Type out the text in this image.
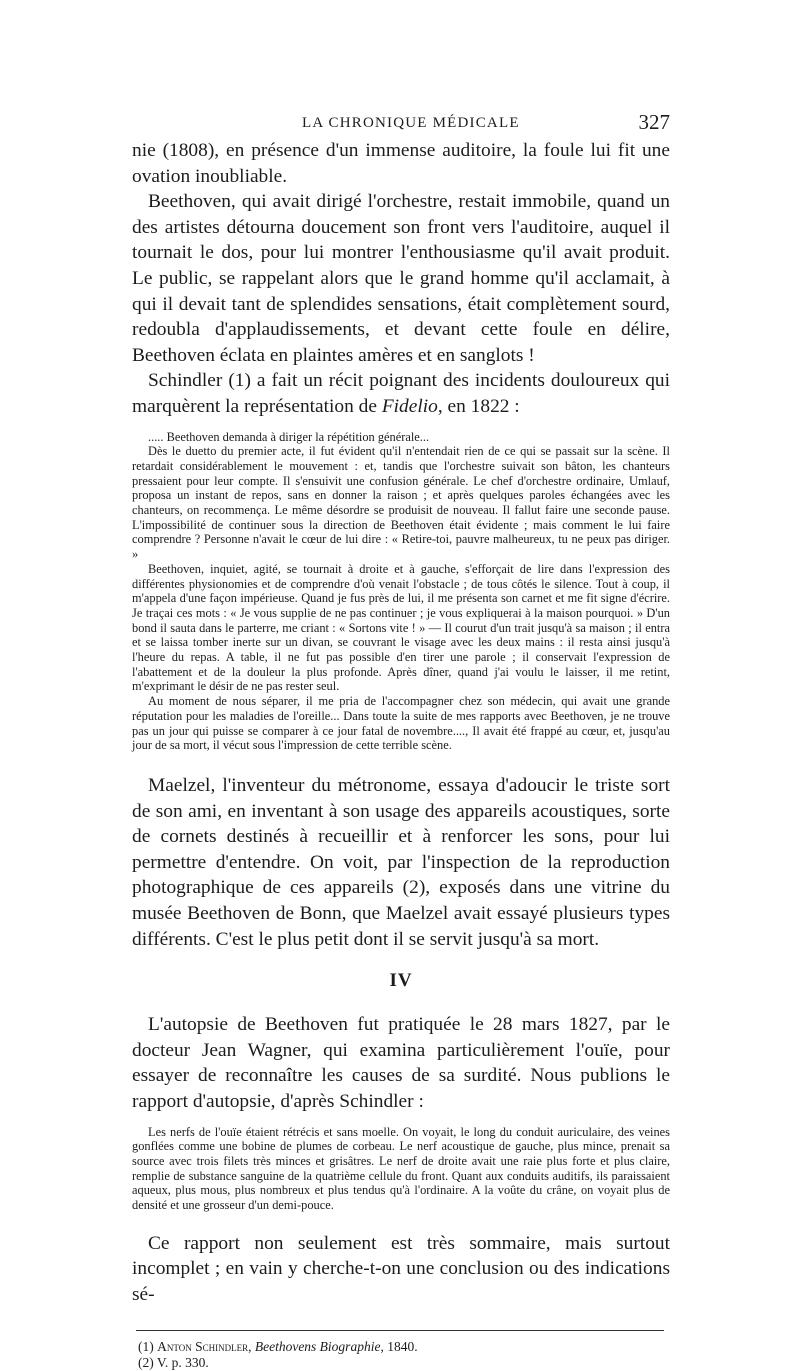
LA CHRONIQUE MÉDICALE	327

nie (1808), en présence d'un immense auditoire, la foule lui fit une ovation inoubliable.

Beethoven, qui avait dirigé l'orchestre, restait immobile, quand un des artistes détourna doucement son front vers l'auditoire, auquel il tournait le dos, pour lui montrer l'enthousiasme qu'il avait produit. Le public, se rappelant alors que le grand homme qu'il acclamait, à qui il devait tant de splendides sensations, était complètement sourd, redoubla d'applaudissements, et devant cette foule en délire, Beethoven éclata en plaintes amères et en sanglots !

Schindler (1) a fait un récit poignant des incidents douloureux qui marquèrent la représentation de Fidelio, en 1822 :

..... Beethoven demanda à diriger la répétition générale...

Dès le duetto du premier acte, il fut évident qu'il n'entendait rien de ce qui se passait sur la scène. Il retardait considérablement le mouvement : et, tandis que l'orchestre suivait son bâton, les chanteurs pressaient pour leur compte. Il s'ensuivit une confusion générale. Le chef d'orchestre ordinaire, Umlauf, proposa un instant de repos, sans en donner la raison ; et après quelques paroles échangées avec les chanteurs, on recommença. Le même désordre se produisit de nouveau. Il fallut faire une seconde pause. L'impossibilité de continuer sous la direction de Beethoven était évidente ; mais comment le lui faire comprendre ? Personne n'avait le cœur de lui dire : « Retire-toi, pauvre malheureux, tu ne peux pas diriger. »

Beethoven, inquiet, agité, se tournait à droite et à gauche, s'efforçait de lire dans l'expression des différentes physionomies et de comprendre d'où venait l'obstacle ; de tous côtés le silence. Tout à coup, il m'appela d'une façon impérieuse. Quand je fus près de lui, il me présenta son carnet et me fit signe d'écrire. Je traçai ces mots : « Je vous supplie de ne pas continuer ; je vous expliquerai à la maison pourquoi. » D'un bond il sauta dans le parterre, me criant : « Sortons vite ! » — Il courut d'un trait jusqu'à sa maison ; il entra et se laissa tomber inerte sur un divan, se couvrant le visage avec les deux mains : il resta ainsi jusqu'à l'heure du repas. A table, il ne fut pas possible d'en tirer une parole ; il conservait l'expression de l'abattement et de la douleur la plus profonde. Après dîner, quand j'ai voulu le laisser, il me retint, m'exprimant le désir de ne pas rester seul.

Au moment de nous séparer, il me pria de l'accompagner chez son médecin, qui avait une grande réputation pour les maladies de l'oreille... Dans toute la suite de mes rapports avec Beethoven, je ne trouve pas un jour qui puisse se comparer à ce jour fatal de novembre...., Il avait été frappé au cœur, et, jusqu'au jour de sa mort, il vécut sous l'impression de cette terrible scène.

Maelzel, l'inventeur du métronome, essaya d'adoucir le triste sort de son ami, en inventant à son usage des appareils acoustiques, sorte de cornets destinés à recueillir et à renforcer les sons, pour lui permettre d'entendre. On voit, par l'inspection de la reproduction photographique de ces appareils (2), exposés dans une vitrine du musée Beethoven de Bonn, que Maelzel avait essayé plusieurs types différents. C'est le plus petit dont il se servit jusqu'à sa mort.

IV

L'autopsie de Beethoven fut pratiquée le 28 mars 1827, par le docteur Jean Wagner, qui examina particulièrement l'ouïe, pour essayer de reconnaître les causes de sa surdité. Nous publions le rapport d'autopsie, d'après Schindler :

Les nerfs de l'ouïe étaient rétrécis et sans moelle. On voyait, le long du conduit auriculaire, des veines gonflées comme une bobine de plumes de corbeau. Le nerf acoustique de gauche, plus mince, prenait sa source avec trois filets très minces et grisâtres. Le nerf de droite avait une raie plus forte et plus claire, remplie de substance sanguine de la quatrième cellule du front. Quant aux conduits auditifs, ils paraissaient aqueux, plus mous, plus nombreux et plus tendus qu'à l'ordinaire. A la voûte du crâne, on voyait plus de densité et une grosseur d'un demi-pouce.

Ce rapport non seulement est très sommaire, mais surtout incomplet ; en vain y cherche-t-on une conclusion ou des indications sé-

(1) Anton Schindler, Beethovens Biographie, 1840.

(2) V. p. 330.
